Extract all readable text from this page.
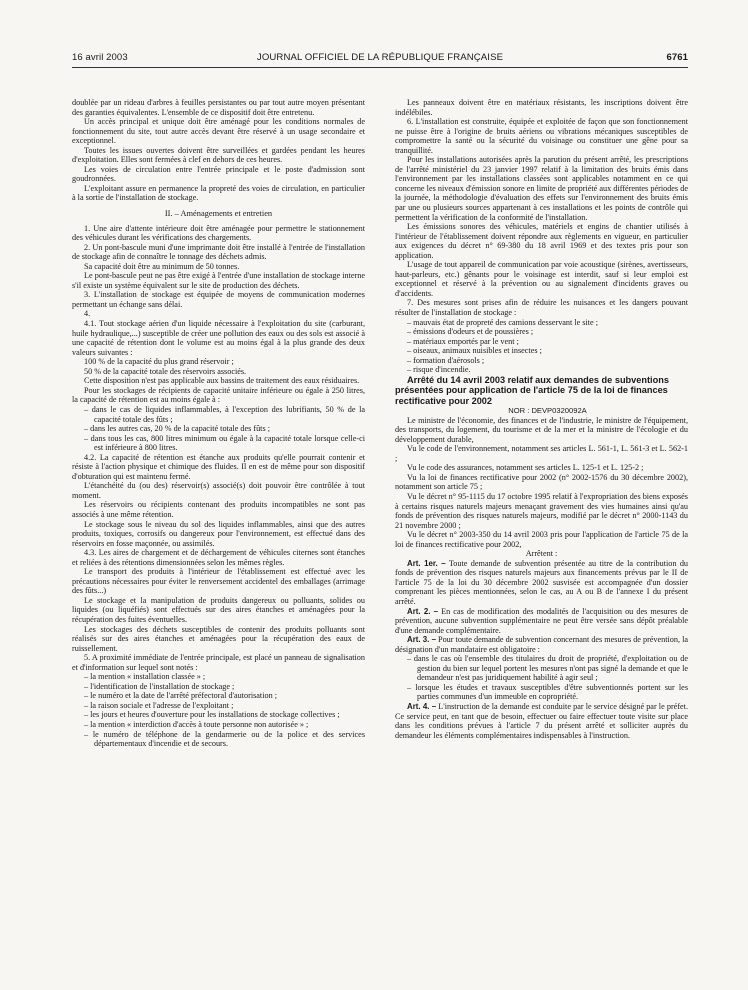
16 avril 2003	JOURNAL OFFICIEL DE LA RÉPUBLIQUE FRANÇAISE	6761

doublée par un rideau d'arbres à feuilles persistantes ou par tout autre moyen présentant des garanties équivalentes. L'ensemble de ce dispositif doit être entretenu.

Un accès principal et unique doit être aménagé pour les conditions normales de fonctionnement du site, tout autre accès devant être réservé à un usage secondaire et exceptionnel.

Toutes les issues ouvertes doivent être surveillées et gardées pendant les heures d'exploitation. Elles sont fermées à clef en dehors de ces heures.

Les voies de circulation entre l'entrée principale et le poste d'admission sont goudronnées.

L'exploitant assure en permanence la propreté des voies de circulation, en particulier à la sortie de l'installation de stockage.

II. – Aménagements et entretien

1. Une aire d'attente intérieure doit être aménagée pour permettre le stationnement des véhicules durant les vérifications des chargements.

2. Un pont-bascule muni d'une imprimante doit être installé à l'entrée de l'installation de stockage afin de connaître le tonnage des déchets admis.

Sa capacité doit être au minimum de 50 tonnes.

Le pont-bascule peut ne pas être exigé à l'entrée d'une installation de stockage interne s'il existe un système équivalent sur le site de production des déchets.

3. L'installation de stockage est équipée de moyens de communication modernes permettant un échange sans délai.

4.

4.1. Tout stockage aérien d'un liquide nécessaire à l'exploitation du site (carburant, huile hydraulique,...) susceptible de créer une pollution des eaux ou des sols est associé à une capacité de rétention dont le volume est au moins égal à la plus grande des deux valeurs suivantes :

100 % de la capacité du plus grand réservoir ;

50 % de la capacité totale des réservoirs associés.

Cette disposition n'est pas applicable aux bassins de traitement des eaux résiduaires.

Pour les stockages de récipients de capacité unitaire inférieure ou égale à 250 litres, la capacité de rétention est au moins égale à :

– dans le cas de liquides inflammables, à l'exception des lubrifiants, 50 % de la capacité totale des fûts ;
– dans les autres cas, 20 % de la capacité totale des fûts ;
– dans tous les cas, 800 litres minimum ou égale à la capacité totale lorsque celle-ci est inférieure à 800 litres.

4.2. La capacité de rétention est étanche aux produits qu'elle pourrait contenir et résiste à l'action physique et chimique des fluides. Il en est de même pour son dispositif d'obturation qui est maintenu fermé.

L'étanchéité du (ou des) réservoir(s) associé(s) doit pouvoir être contrôlée à tout moment.

Les réservoirs ou récipients contenant des produits incompatibles ne sont pas associés à une même rétention.

Le stockage sous le niveau du sol des liquides inflammables, ainsi que des autres produits, toxiques, corrosifs ou dangereux pour l'environnement, est effectué dans des réservoirs en fosse maçonnée, ou assimilés.

4.3. Les aires de chargement et de déchargement de véhicules citernes sont étanches et reliées à des rétentions dimensionnées selon les mêmes règles.

Le transport des produits à l'intérieur de l'établissement est effectué avec les précautions nécessaires pour éviter le renversement accidentel des emballages (arrimage des fûts...)

Le stockage et la manipulation de produits dangereux ou polluants, solides ou liquides (ou liquéfiés) sont effectués sur des aires étanches et aménagées pour la récupération des fuites éventuelles.

Les stockages des déchets susceptibles de contenir des produits polluants sont réalisés sur des aires étanches et aménagées pour la récupération des eaux de ruissellement.

5. A proximité immédiate de l'entrée principale, est placé un panneau de signalisation et d'information sur lequel sont notés :

– la mention « installation classée » ;
– l'identification de l'installation de stockage ;
– le numéro et la date de l'arrêté préfectoral d'autorisation ;
– la raison sociale et l'adresse de l'exploitant ;
– les jours et heures d'ouverture pour les installations de stockage collectives ;
– la mention « interdiction d'accès à toute personne non autorisée » ;
– le numéro de téléphone de la gendarmerie ou de la police et des services départementaux d'incendie et de secours.

Les panneaux doivent être en matériaux résistants, les inscriptions doivent être indélébiles.

6. L'installation est construite, équipée et exploitée de façon que son fonctionnement ne puisse être à l'origine de bruits aériens ou vibrations mécaniques susceptibles de compromettre la santé ou la sécurité du voisinage ou constituer une gêne pour sa tranquillité.

Pour les installations autorisées après la parution du présent arrêté, les prescriptions de l'arrêté ministériel du 23 janvier 1997 relatif à la limitation des bruits émis dans l'environnement par les installations classées sont applicables notamment en ce qui concerne les niveaux d'émission sonore en limite de propriété aux différentes périodes de la journée, la méthodologie d'évaluation des effets sur l'environnement des bruits émis par une ou plusieurs sources appartenant à ces installations et les points de contrôle qui permettent la vérification de la conformité de l'installation.

Les émissions sonores des véhicules, matériels et engins de chantier utilisés à l'intérieur de l'établissement doivent répondre aux règlements en vigueur, en particulier aux exigences du décret n° 69-380 du 18 avril 1969 et des textes pris pour son application.

L'usage de tout appareil de communication par voie acoustique (sirènes, avertisseurs, haut-parleurs, etc.) gênants pour le voisinage est interdit, sauf si leur emploi est exceptionnel et réservé à la prévention ou au signalement d'incidents graves ou d'accidents.

7. Des mesures sont prises afin de réduire les nuisances et les dangers pouvant résulter de l'installation de stockage :

– mauvais état de propreté des camions desservant le site ;
– émissions d'odeurs et de poussières ;
– matériaux emportés par le vent ;
– oiseaux, animaux nuisibles et insectes ;
– formation d'aérosols ;
– risque d'incendie.

Arrêté du 14 avril 2003 relatif aux demandes de subventions présentées pour application de l'article 75 de la loi de finances rectificative pour 2002

NOR : DEVP0320092A

Le ministre de l'économie, des finances et de l'industrie, le ministre de l'équipement, des transports, du logement, du tourisme et de la mer et la ministre de l'écologie et du développement durable,

Vu le code de l'environnement, notamment ses articles L. 561-1, L. 561-3 et L. 562-1 ;

Vu le code des assurances, notamment ses articles L. 125-1 et L. 125-2 ;

Vu la loi de finances rectificative pour 2002 (n° 2002-1576 du 30 décembre 2002), notamment son article 75 ;

Vu le décret n° 95-1115 du 17 octobre 1995 relatif à l'expropriation des biens exposés à certains risques naturels majeurs menaçant gravement des vies humaines ainsi qu'au fonds de prévention des risques naturels majeurs, modifié par le décret n° 2000-1143 du 21 novembre 2000 ;

Vu le décret n° 2003-350 du 14 avril 2003 pris pour l'application de l'article 75 de la loi de finances rectificative pour 2002,

Arrêtent :

Art. 1er. – Toute demande de subvention présentée au titre de la contribution du fonds de prévention des risques naturels majeurs aux financements prévus par le II de l'article 75 de la loi du 30 décembre 2002 susvisée est accompagnée d'un dossier comprenant les pièces mentionnées, selon le cas, au A ou B de l'annexe I du présent arrêté.

Art. 2. – En cas de modification des modalités de l'acquisition ou des mesures de prévention, aucune subvention supplémentaire ne peut être versée sans dépôt préalable d'une demande complémentaire.

Art. 3. – Pour toute demande de subvention concernant des mesures de prévention, la désignation d'un mandataire est obligatoire :

– dans le cas où l'ensemble des titulaires du droit de propriété, d'exploitation ou de gestion du bien sur lequel portent les mesures n'ont pas signé la demande et que le demandeur n'est pas juridiquement habilité à agir seul ;
– lorsque les études et travaux susceptibles d'être subventionnés portent sur les parties communes d'un immeuble en copropriété.

Art. 4. – L'instruction de la demande est conduite par le service désigné par le préfet. Ce service peut, en tant que de besoin, effectuer ou faire effectuer toute visite sur place dans les conditions prévues à l'article 7 du présent arrêté et solliciter auprès du demandeur les éléments complémentaires indispensables à l'instruction.
